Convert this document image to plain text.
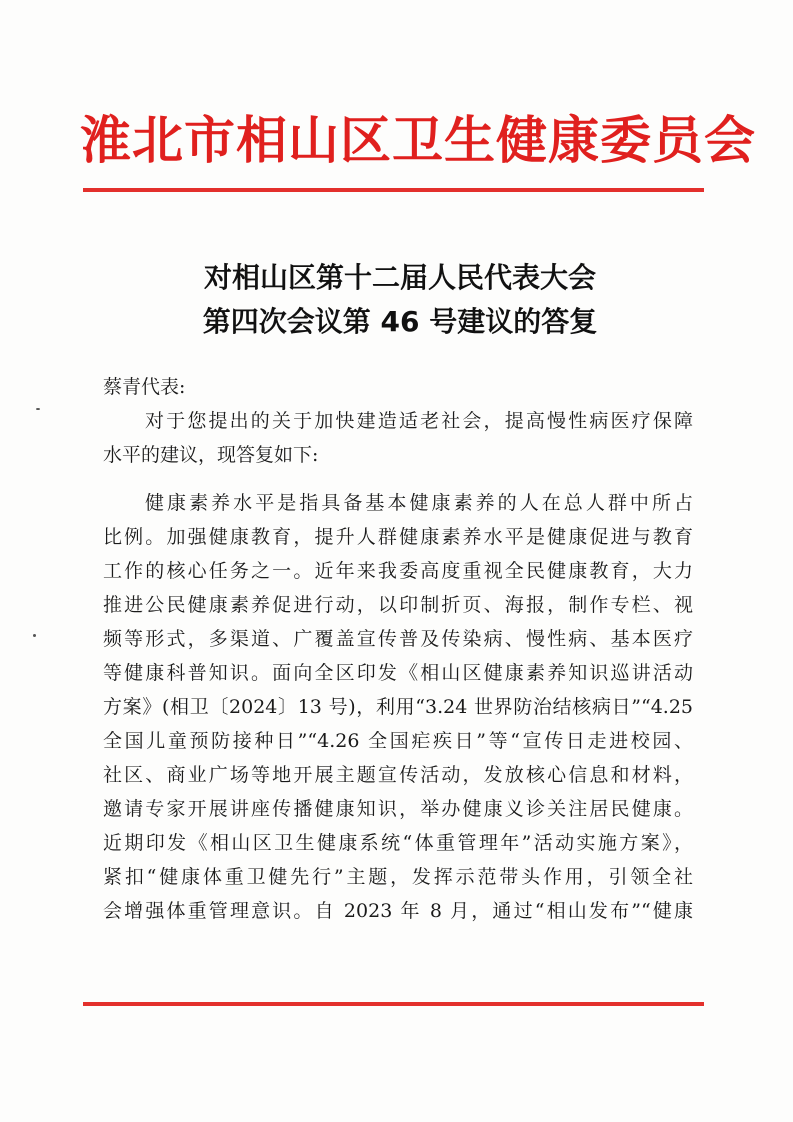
淮北市相山区卫生健康委员会
对相山区第十二届人民代表大会
第四次会议第 46 号建议的答复
蔡青代表:
对于您提出的关于加快建造适老社会，提高慢性病医疗保障
水平的建议，现答复如下:
健康素养水平是指具备基本健康素养的人在总人群中所占
比例。加强健康教育，提升人群健康素养水平是健康促进与教育
工作的核心任务之一。近年来我委高度重视全民健康教育，大力
推进公民健康素养促进行动，以印制折页、海报，制作专栏、视
频等形式，多渠道、广覆盖宣传普及传染病、慢性病、基本医疗
等健康科普知识。面向全区印发《相山区健康素养知识巡讲活动
方案》(相卫〔2024〕13 号)，利用“3.24 世界防治结核病日”“4.25
全国儿童预防接种日”“4.26 全国疟疾日”等“宣传日走进校园、
社区、商业广场等地开展主题宣传活动，发放核心信息和材料，
邀请专家开展讲座传播健康知识，举办健康义诊关注居民健康。
近期印发《相山区卫生健康系统“体重管理年”活动实施方案》，
紧扣“健康体重卫健先行”主题，发挥示范带头作用，引领全社
会增强体重管理意识。自 2023 年 8 月，通过“相山发布”“健康
